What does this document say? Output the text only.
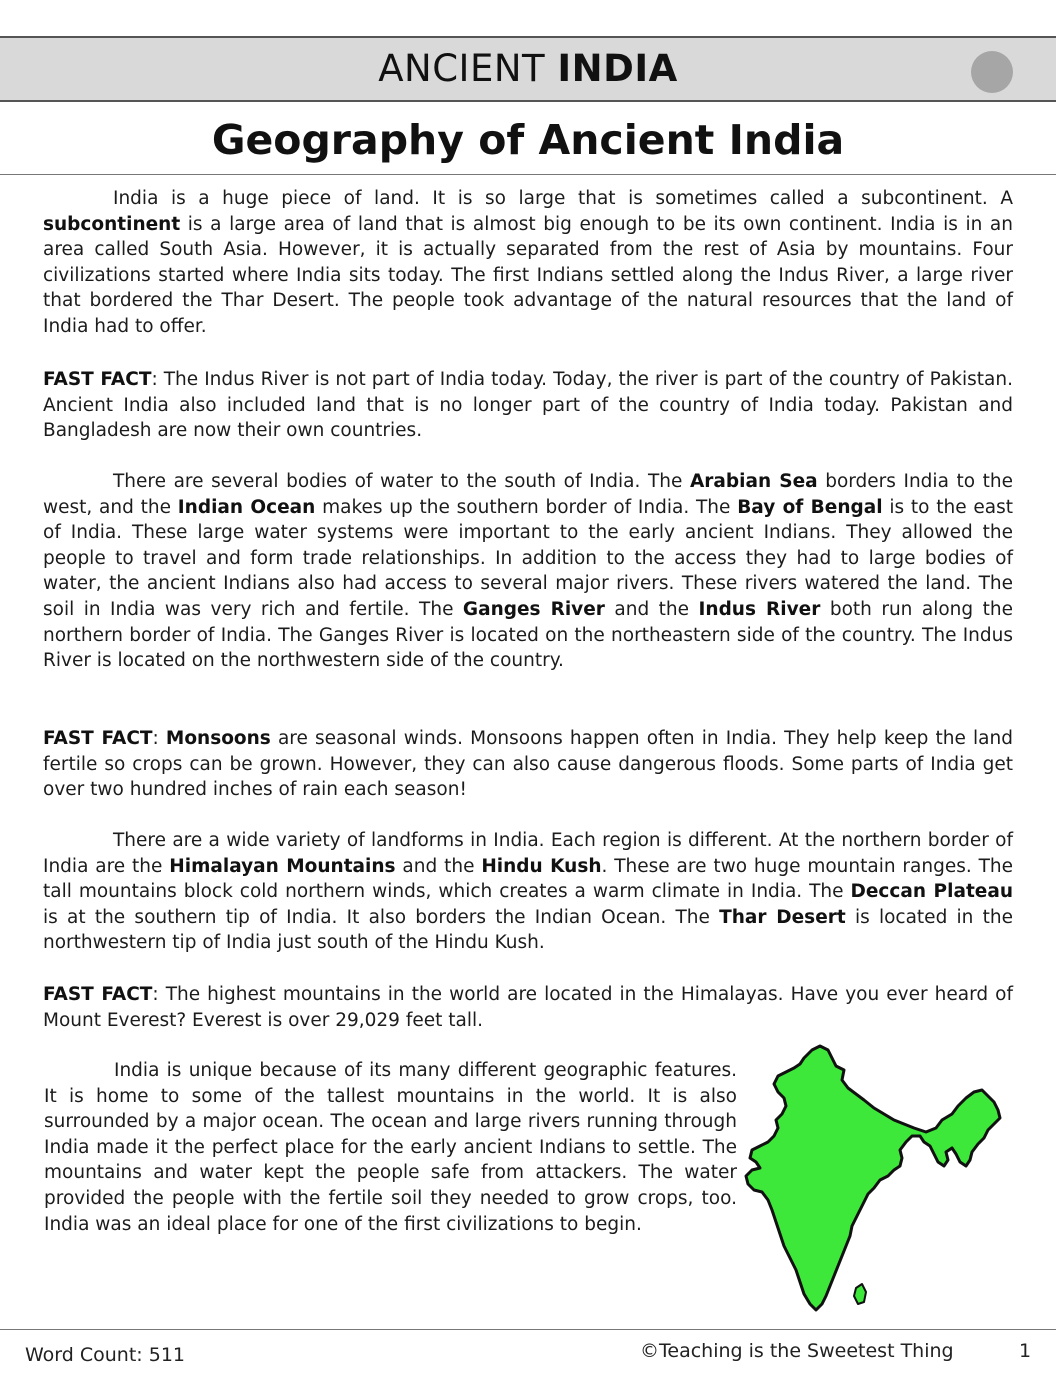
ANCIENT INDIA
Geography of Ancient India

India is a huge piece of land. It is so large that is sometimes called a subcontinent. A subcontinent is a large area of land that is almost big enough to be its own continent. India is in an area called South Asia. However, it is actually separated from the rest of Asia by mountains. Four civilizations started where India sits today. The first Indians settled along the Indus River, a large river that bordered the Thar Desert. The people took advantage of the natural resources that the land of India had to offer.

FAST FACT: The Indus River is not part of India today. Today, the river is part of the country of Pakistan. Ancient India also included land that is no longer part of the country of India today. Pakistan and Bangladesh are now their own countries.

There are several bodies of water to the south of India. The Arabian Sea borders India to the west, and the Indian Ocean makes up the southern border of India. The Bay of Bengal is to the east of India. These large water systems were important to the early ancient Indians. They allowed the people to travel and form trade relationships. In addition to the access they had to large bodies of water, the ancient Indians also had access to several major rivers. These rivers watered the land. The soil in India was very rich and fertile. The Ganges River and the Indus River both run along the northern border of India. The Ganges River is located on the northeastern side of the country. The Indus River is located on the northwestern side of the country.

FAST FACT: Monsoons are seasonal winds. Monsoons happen often in India. They help keep the land fertile so crops can be grown. However, they can also cause dangerous floods. Some parts of India get over two hundred inches of rain each season!

There are a wide variety of landforms in India. Each region is different. At the northern border of India are the Himalayan Mountains and the Hindu Kush. These are two huge mountain ranges. The tall mountains block cold northern winds, which creates a warm climate in India. The Deccan Plateau is at the southern tip of India. It also borders the Indian Ocean. The Thar Desert is located in the northwestern tip of India just south of the Hindu Kush.

FAST FACT: The highest mountains in the world are located in the Himalayas. Have you ever heard of Mount Everest? Everest is over 29,029 feet tall.

India is unique because of its many different geographic features. It is home to some of the tallest mountains in the world. It is also surrounded by a major ocean. The ocean and large rivers running through India made it the perfect place for the early ancient Indians to settle. The mountains and water kept the people safe from attackers. The water provided the people with the fertile soil they needed to grow crops, too. India was an ideal place for one of the first civilizations to begin.

Word Count: 511	©Teaching is the Sweetest Thing	1
